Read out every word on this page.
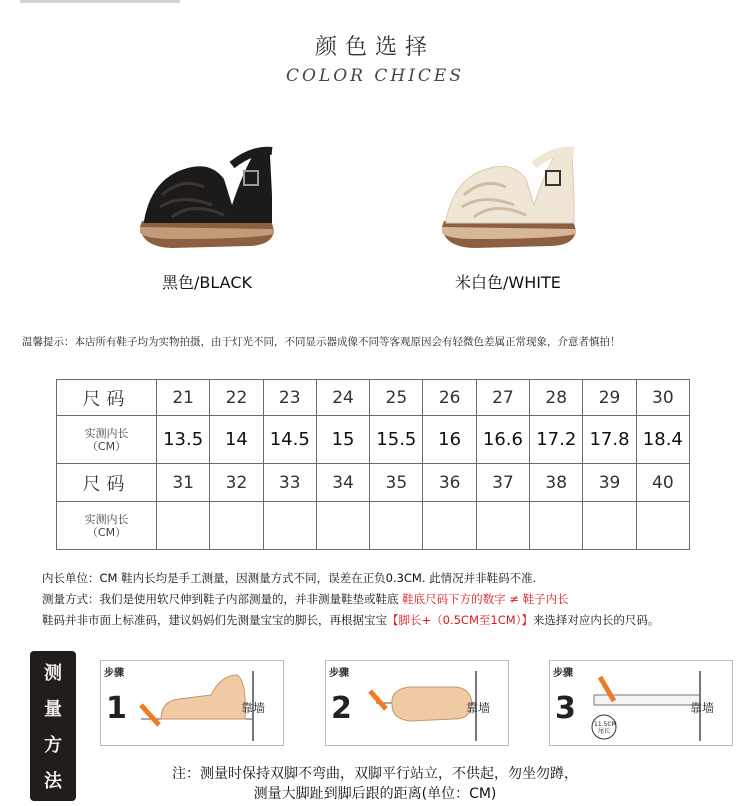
颜色选择
COLOR CHICES
黑色/BLACK	米白色/WHITE
温馨提示：本店所有鞋子均为实物拍摄，由于灯光不同，不同显示器成像不同等客观原因会有轻微色差属正常现象，介意者慎拍！
尺码	21	22	23	24	25	26	27	28	29	30
实测内长
（CM）	13.5	14	14.5	15	15.5	16	16.6	17.2	17.8	18.4
尺码	31	32	33	34	35	36	37	38	39	40
实测内长
（CM）										
内长单位：CM 鞋内长均是手工测量，因测量方式不同，误差在正负0.3CM. 此情况并非鞋码不准.
测量方式：我们是使用软尺伸到鞋子内部测量的，并非测量鞋垫或鞋底 鞋底尺码下方的数字 ≠ 鞋子内长
鞋码并非市面上标准码，建议妈妈们先测量宝宝的脚长，再根据宝宝【脚长+（0.5CM至1CM）】来选择对应内长的尺码。
测
量
方
法
步骤
1	靠墙
步骤
2	靠墙
步骤
3	11.5CM
尾长
靠墙
注：测量时保持双脚不弯曲，双脚平行站立，不供起，勿坐勿蹲，
测量大脚趾到脚后跟的距离(单位：CM)
